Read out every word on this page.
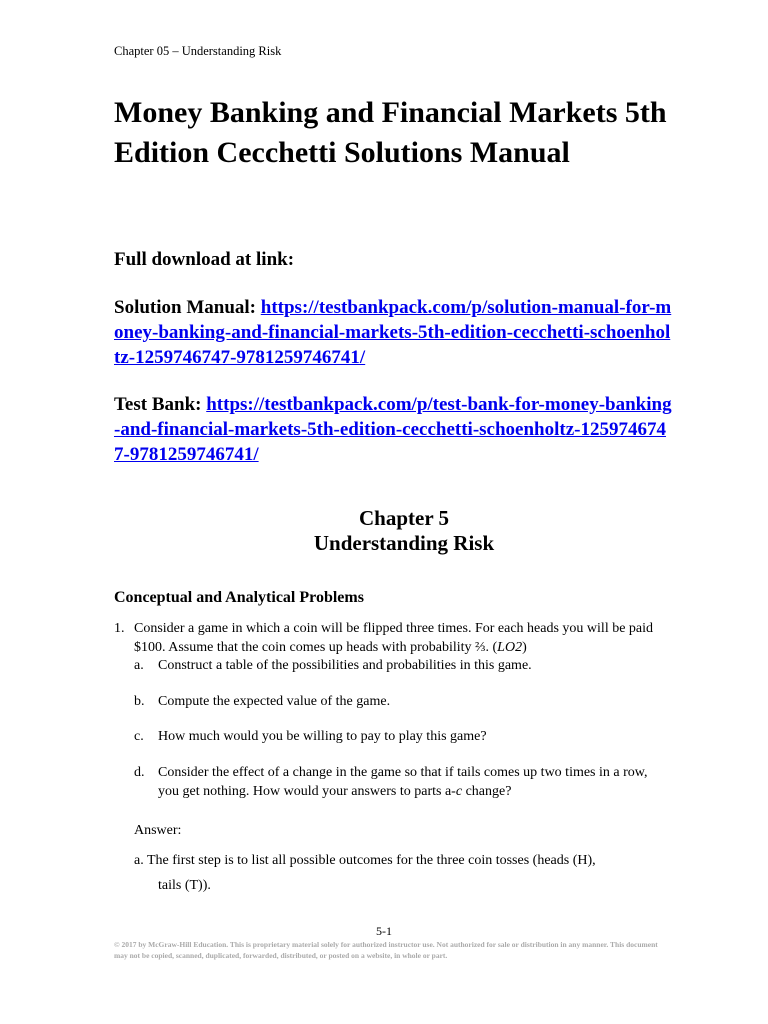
Chapter 05 – Understanding Risk
Money Banking and Financial Markets 5th Edition Cecchetti Solutions Manual
Full download at link:

Solution Manual: https://testbankpack.com/p/solution-manual-for-money-banking-and-financial-markets-5th-edition-cecchetti-schoenholtz-1259746747-9781259746741/

Test Bank: https://testbankpack.com/p/test-bank-for-money-banking-and-financial-markets-5th-edition-cecchetti-schoenholtz-1259746747-9781259746741/

Chapter 5
Understanding Risk
Conceptual and Analytical Problems
1. Consider a game in which a coin will be flipped three times. For each heads you will be paid $100. Assume that the coin comes up heads with probability ⅔. (LO2)
a. Construct a table of the possibilities and probabilities in this game.
b. Compute the expected value of the game.
c. How much would you be willing to pay to play this game?
d. Consider the effect of a change in the game so that if tails comes up two times in a row, you get nothing. How would your answers to parts a-c change?
Answer:
a. The first step is to list all possible outcomes for the three coin tosses (heads (H),
tails (T)).
5-1
© 2017 by McGraw-Hill Education. This is proprietary material solely for authorized instructor use. Not authorized for sale or distribution in any manner. This document may not be copied, scanned, duplicated, forwarded, distributed, or posted on a website, in whole or part.
